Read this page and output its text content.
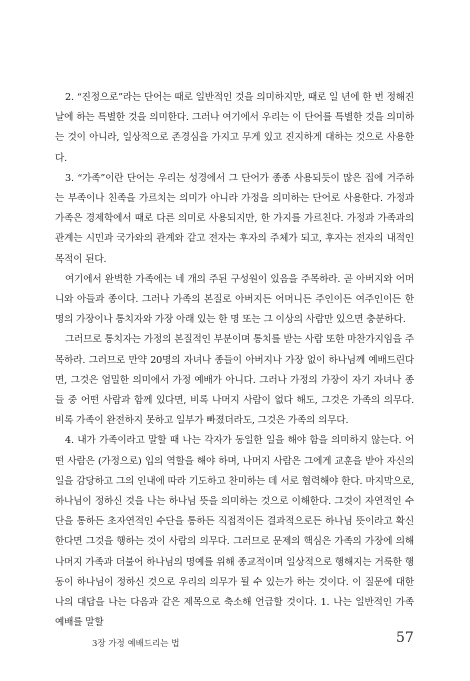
2. “진정으로”라는 단어는 때로 일반적인 것을 의미하지만, 때로 일 년에 한 번 정해진 날에 하는 특별한 것을 의미한다. 그러나 여기에서 우리는 이 단어를 특별한 것을 의미하는 것이 아니라, 일상적으로 존경심을 가지고 무게 있고 진지하게 대하는 것으로 사용한다.

3. “가족”이란 단어는 우리는 성경에서 그 단어가 종종 사용되듯이 많은 집에 거주하는 부족이나 친족을 가르치는 의미가 아니라 가정을 의미하는 단어로 사용한다. 가정과 가족은 경제학에서 때로 다른 의미로 사용되지만, 한 가지를 가르친다. 가정과 가족과의 관계는 시민과 국가와의 관계와 같고 전자는 후자의 주체가 되고, 후자는 전자의 내적인 목적이 된다.

여기에서 완벽한 가족에는 네 개의 주된 구성원이 있음을 주목하라. 곧 아버지와 어머니와 아들과 종이다. 그러나 가족의 본질로 아버지든 어머니든 주인이든 여주인이든 한 명의 가장이나 통치자와 가장 아래 있는 한 명 또는 그 이상의 사람만 있으면 충분하다.

그러므로 통치자는 가정의 본질적인 부분이며 통치를 받는 사람 또한 마찬가지임을 주목하라. 그러므로 만약 20명의 자녀나 종들이 아버지나 가장 없이 하나님께 예배드린다면, 그것은 엄밀한 의미에서 가정 예배가 아니다. 그러나 가정의 가장이 자기 자녀나 종들 중 어떤 사람과 함께 있다면, 비록 나머지 사람이 없다 해도, 그것은 가족의 의무다. 비록 가족이 완전하지 못하고 일부가 빠졌더라도, 그것은 가족의 의무다.

4. 내가 가족이라고 말할 때 나는 각자가 동일한 일을 해야 함을 의미하지 않는다. 어떤 사람은 (가정으로) 입의 역할을 해야 하며, 나머지 사람은 그에게 교훈을 받아 자신의 일을 감당하고 그의 인내에 따라 기도하고 찬미하는 데 서로 협력해야 한다. 마지막으로, 하나님이 정하신 것을 나는 하나님 뜻을 의미하는 것으로 이해한다. 그것이 자연적인 수단을 통하든 초자연적인 수단을 통하든 직접적이든 결과적으로든 하나님 뜻이라고 확신한다면 그것을 행하는 것이 사람의 의무다. 그러므로 문제의 핵심은 가족의 가장에 의해 나머지 가족과 더불어 하나님의 명예를 위해 종교적이며 일상적으로 행해지는 거룩한 행동이 하나님이 정하신 것으로 우리의 의무가 될 수 있는가 하는 것이다. 이 질문에 대한 나의 대답을 나는 다음과 같은 제목으로 축소해 언급할 것이다. 1. 나는 일반적인 가족 예배를 말할

3장 가정 예배드리는 법	57
